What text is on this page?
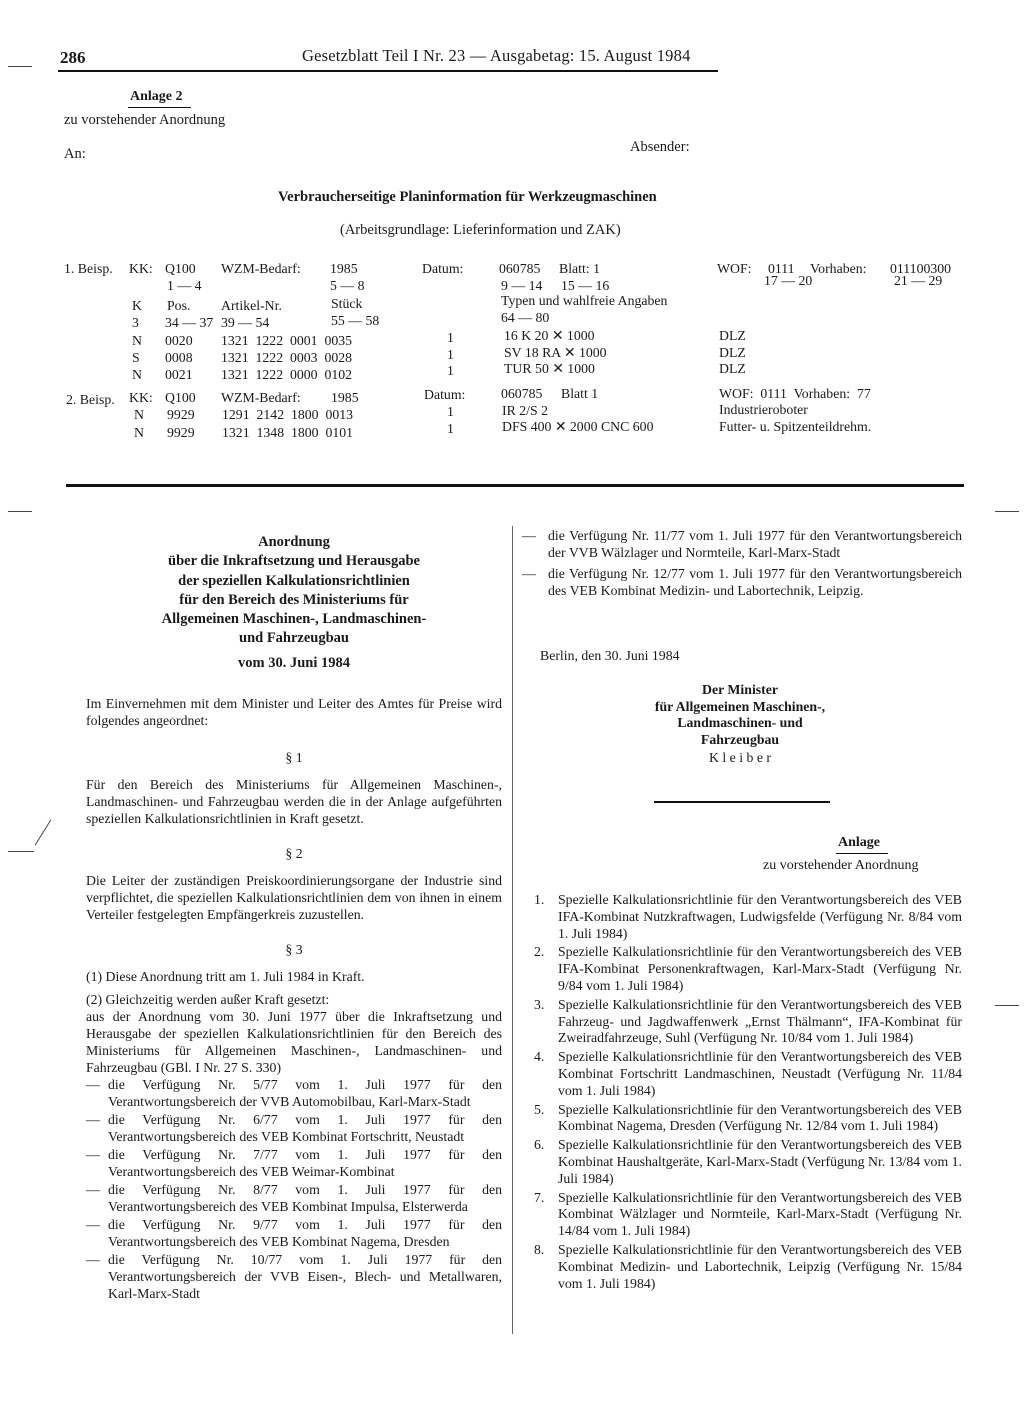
286	Gesetzblatt Teil I Nr. 23 — Ausgabetag: 15. August 1984
Anlage 2
zu vorstehender Anordnung
An:	Absender:
Verbraucherseitige Planinformation für Werkzeugmaschinen
(Arbeitsgrundlage: Lieferinformation und ZAK)
1. Beisp. KK: Q100 WZM-Bedarf: 1985	Datum:	060785 Blatt: 1	WOF: 0111 Vorhaben: 011100300
1 — 4	5 — 8	9 — 14 15 — 16	17 — 20	21 — 29
K Pos. Artikel-Nr.	Stück	Typen und wahlfreie Angaben
3 34 — 37 39 — 54	55 — 58	64 — 80
N 0020 1321  1222  0001  0035	1	16 K 20 ✕ 1000	DLZ
S 0008 1321  1222  0003  0028	1	SV 18 RA ✕ 1000	DLZ
N 0021 1321  1222  0000  0102	1	TUR 50 ✕ 1000	DLZ
2. Beisp. KK: Q100 WZM-Bedarf: 1985	Datum:	060785 Blatt 1	WOF:  0111  Vorhaben:  77
N 9929 1291  2142  1800  0013	1	IR 2/S 2	Industrieroboter
N 9929 1321  1348  1800  0101	1	DFS 400 ✕ 2000 CNC 600	Futter- u. Spitzenteildrehm.
Anordnung
über die Inkraftsetzung und Herausgabe
der speziellen Kalkulationsrichtlinien
für den Bereich des Ministeriums für
Allgemeinen Maschinen-, Landmaschinen-
und Fahrzeugbau
vom 30. Juni 1984

Im Einvernehmen mit dem Minister und Leiter des Amtes für Preise wird folgendes angeordnet:

§ 1

Für den Bereich des Ministeriums für Allgemeinen Maschinen-, Landmaschinen- und Fahrzeugbau werden die in der Anlage aufgeführten speziellen Kalkulationsrichtlinien in Kraft gesetzt.

§ 2

Die Leiter der zuständigen Preiskoordinierungsorgane der Industrie sind verpflichtet, die speziellen Kalkulationsrichtlinien dem von ihnen in einem Verteiler festgelegten Empfängerkreis zuzustellen.

§ 3

(1) Diese Anordnung tritt am 1. Juli 1984 in Kraft.

(2) Gleichzeitig werden außer Kraft gesetzt:

aus der Anordnung vom 30. Juni 1977 über die Inkraftsetzung und Herausgabe der speziellen Kalkulationsrichtlinien für den Bereich des Ministeriums für Allgemeinen Maschinen-, Landmaschinen- und Fahrzeugbau (GBl. I Nr. 27 S. 330)

— die Verfügung Nr. 5/77 vom 1. Juli 1977 für den Verantwortungsbereich der VVB Automobilbau, Karl-Marx-Stadt
— die Verfügung Nr. 6/77 vom 1. Juli 1977 für den Verantwortungsbereich des VEB Kombinat Fortschritt, Neustadt
— die Verfügung Nr. 7/77 vom 1. Juli 1977 für den Verantwortungsbereich des VEB Weimar-Kombinat
— die Verfügung Nr. 8/77 vom 1. Juli 1977 für den Verantwortungsbereich des VEB Kombinat Impulsa, Elsterwerda
— die Verfügung Nr. 9/77 vom 1. Juli 1977 für den Verantwortungsbereich des VEB Kombinat Nagema, Dresden
— die Verfügung Nr. 10/77 vom 1. Juli 1977 für den Verantwortungsbereich der VVB Eisen-, Blech- und Metallwaren, Karl-Marx-Stadt
— die Verfügung Nr. 11/77 vom 1. Juli 1977 für den Verantwortungsbereich der VVB Wälzlager und Normteile, Karl-Marx-Stadt
— die Verfügung Nr. 12/77 vom 1. Juli 1977 für den Verantwortungsbereich des VEB Kombinat Medizin- und Labortechnik, Leipzig.
Berlin, den 30. Juni 1984
Der Minister
für Allgemeinen Maschinen-,
Landmaschinen- und
Fahrzeugbau
K l e i b e r
Anlage
zu vorstehender Anordnung
1. Spezielle Kalkulationsrichtlinie für den Verantwortungsbereich des VEB IFA-Kombinat Nutzkraftwagen, Ludwigsfelde (Verfügung Nr. 8/84 vom 1. Juli 1984)
2. Spezielle Kalkulationsrichtlinie für den Verantwortungsbereich des VEB IFA-Kombinat Personenkraftwagen, Karl-Marx-Stadt (Verfügung Nr. 9/84 vom 1. Juli 1984)
3. Spezielle Kalkulationsrichtlinie für den Verantwortungsbereich des VEB Fahrzeug- und Jagdwaffenwerk „Ernst Thälmann“, IFA-Kombinat für Zweiradfahrzeuge, Suhl (Verfügung Nr. 10/84 vom 1. Juli 1984)
4. Spezielle Kalkulationsrichtlinie für den Verantwortungsbereich des VEB Kombinat Fortschritt Landmaschinen, Neustadt (Verfügung Nr. 11/84 vom 1. Juli 1984)
5. Spezielle Kalkulationsrichtlinie für den Verantwortungsbereich des VEB Kombinat Nagema, Dresden (Verfügung Nr. 12/84 vom 1. Juli 1984)
6. Spezielle Kalkulationsrichtlinie für den Verantwortungsbereich des VEB Kombinat Haushaltgeräte, Karl-Marx-Stadt (Verfügung Nr. 13/84 vom 1. Juli 1984)
7. Spezielle Kalkulationsrichtlinie für den Verantwortungsbereich des VEB Kombinat Wälzlager und Normteile, Karl-Marx-Stadt (Verfügung Nr. 14/84 vom 1. Juli 1984)
8. Spezielle Kalkulationsrichtlinie für den Verantwortungsbereich des VEB Kombinat Medizin- und Labortechnik, Leipzig (Verfügung Nr. 15/84 vom 1. Juli 1984)
